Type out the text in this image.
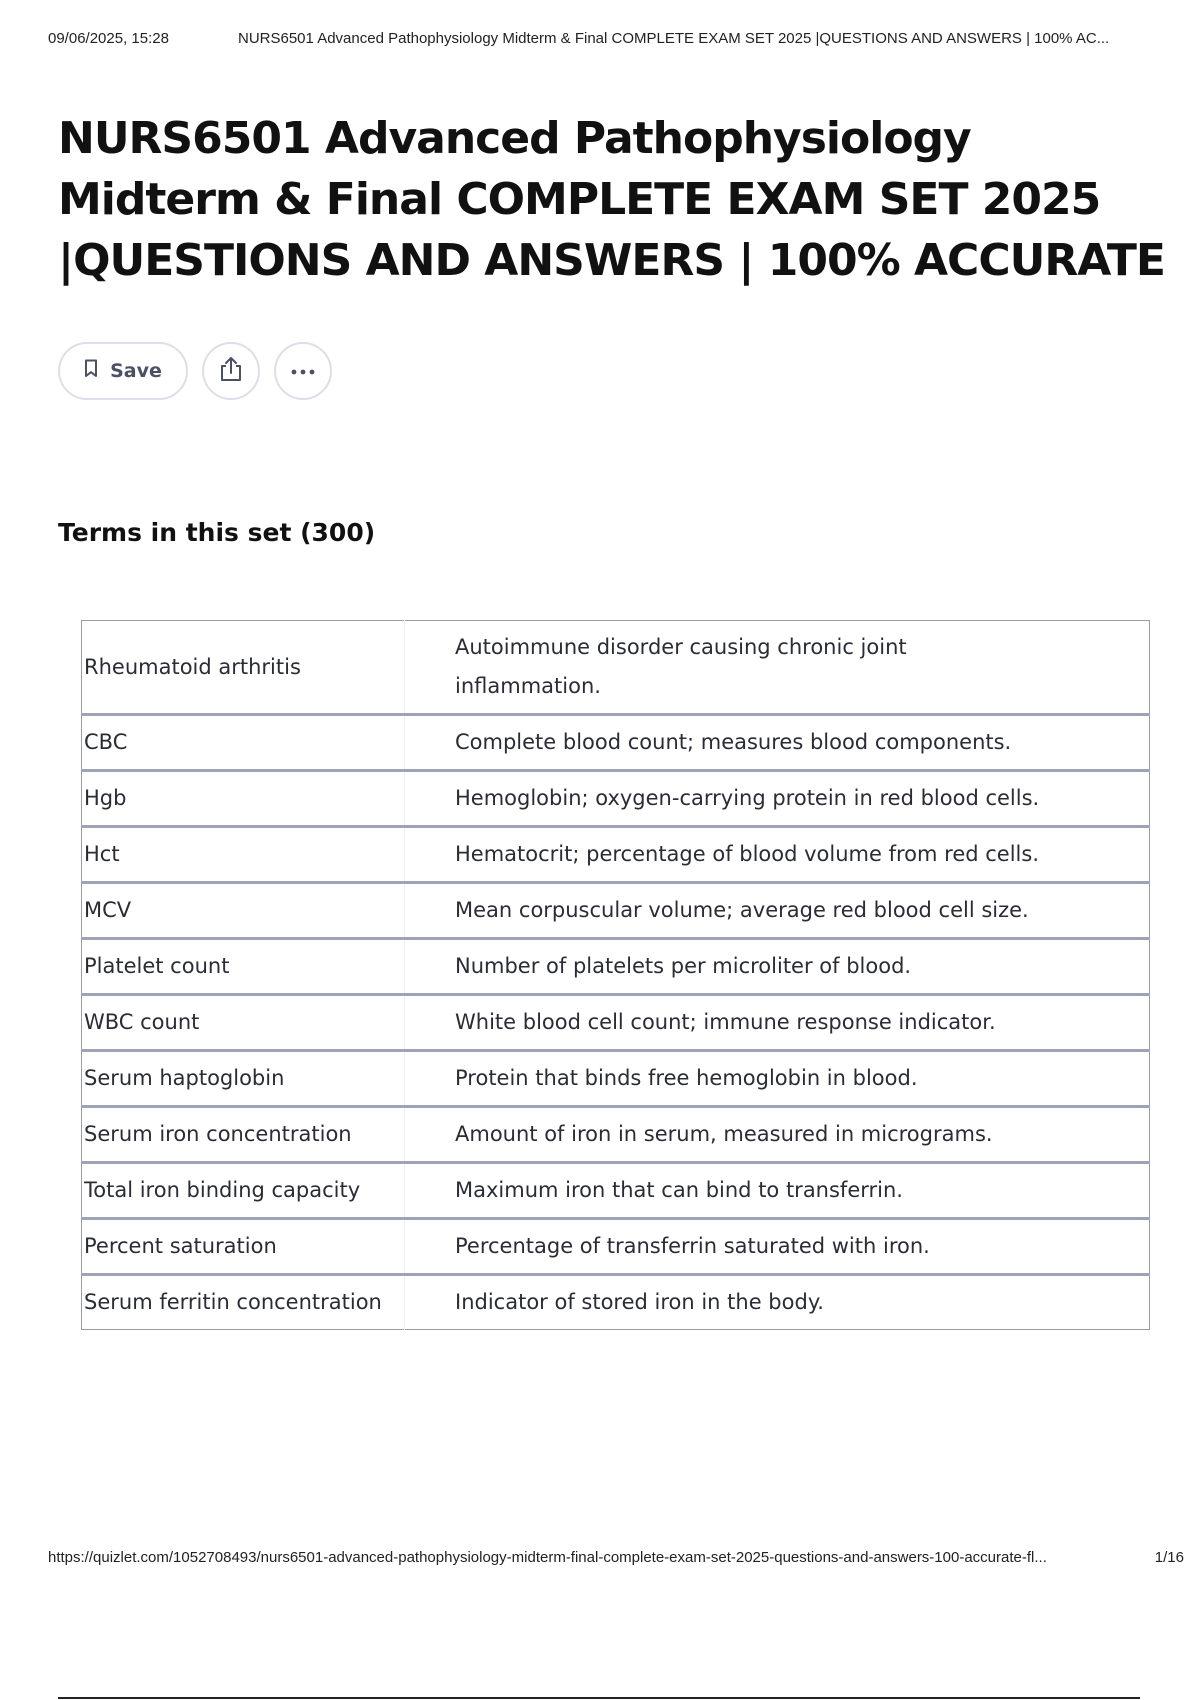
09/06/2025, 15:28	NURS6501 Advanced Pathophysiology Midterm & Final COMPLETE EXAM SET 2025 |QUESTIONS AND ANSWERS | 100% AC...
NURS6501 Advanced Pathophysiology Midterm & Final COMPLETE EXAM SET 2025 |QUESTIONS AND ANSWERS | 100% ACCURATE
Save
Terms in this set (300)
Rheumatoid arthritis	Autoimmune disorder causing chronic joint inflammation.
CBC	Complete blood count; measures blood components.
Hgb	Hemoglobin; oxygen-carrying protein in red blood cells.
Hct	Hematocrit; percentage of blood volume from red cells.
MCV	Mean corpuscular volume; average red blood cell size.
Platelet count	Number of platelets per microliter of blood.
WBC count	White blood cell count; immune response indicator.
Serum haptoglobin	Protein that binds free hemoglobin in blood.
Serum iron concentration	Amount of iron in serum, measured in micrograms.
Total iron binding capacity	Maximum iron that can bind to transferrin.
Percent saturation	Percentage of transferrin saturated with iron.
Serum ferritin concentration	Indicator of stored iron in the body.
https://quizlet.com/1052708493/nurs6501-advanced-pathophysiology-midterm-final-complete-exam-set-2025-questions-and-answers-100-accurate-fl...	1/16
